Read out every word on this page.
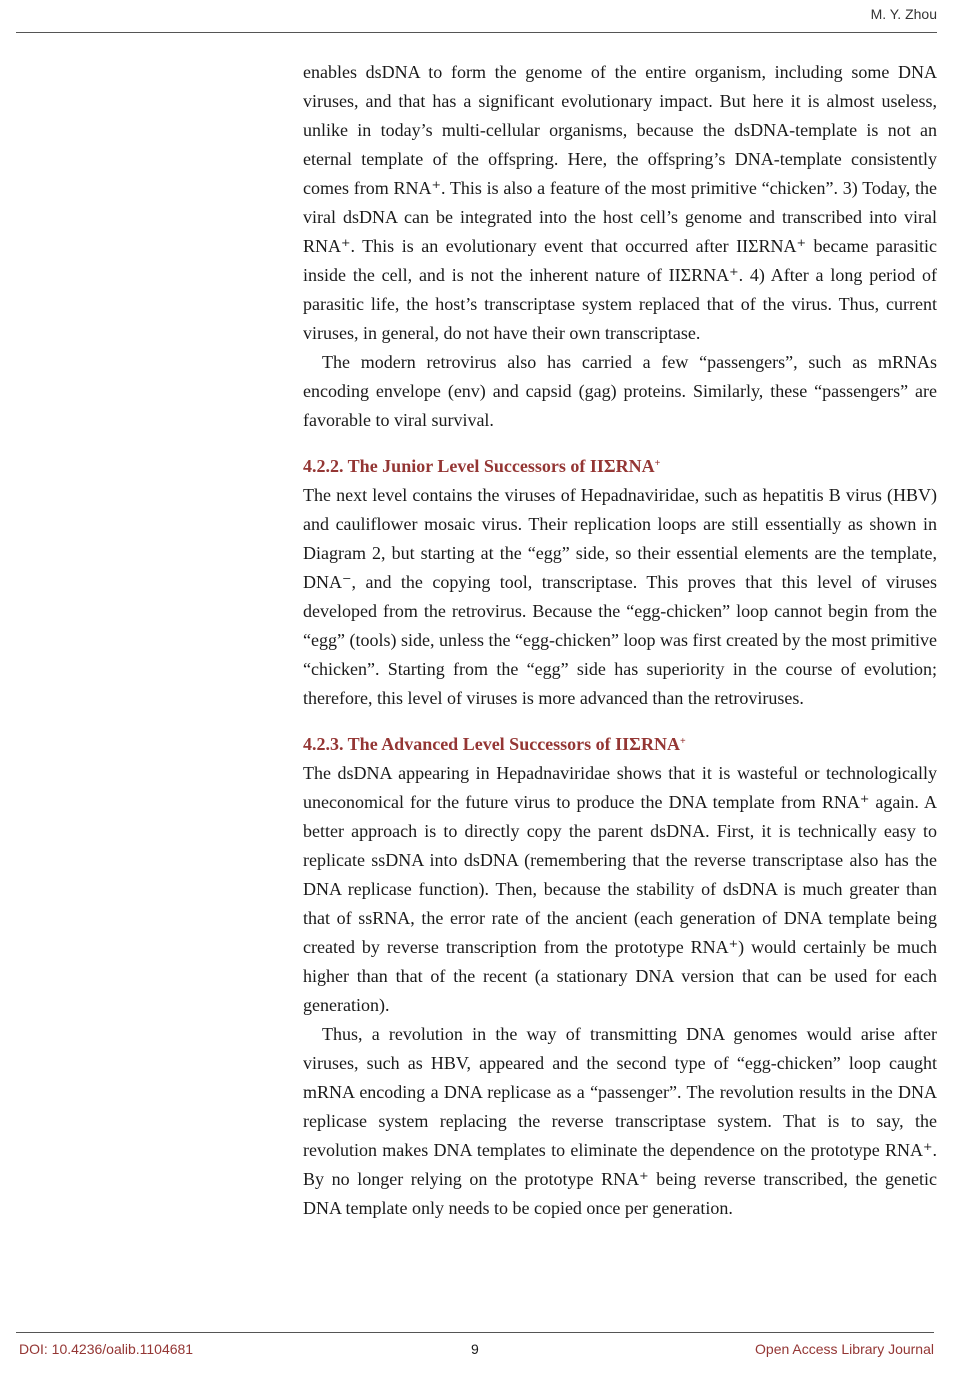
M. Y. Zhou

enables dsDNA to form the genome of the entire organism, including some DNA viruses, and that has a significant evolutionary impact. But here it is almost useless, unlike in today’s multi-cellular organisms, because the dsDNA-template is not an eternal template of the offspring. Here, the offspring’s DNA-template consistently comes from RNA⁺. This is also a feature of the most primitive “chicken”. 3) Today, the viral dsDNA can be integrated into the host cell’s genome and transcribed into viral RNA⁺. This is an evolutionary event that occurred after IIΣRNA⁺ became parasitic inside the cell, and is not the inherent nature of IIΣRNA⁺. 4) After a long period of parasitic life, the host’s transcriptase system replaced that of the virus. Thus, current viruses, in general, do not have their own transcriptase.

The modern retrovirus also has carried a few “passengers”, such as mRNAs encoding envelope (env) and capsid (gag) proteins. Similarly, these “passengers” are favorable to viral survival.

4.2.2. The Junior Level Successors of IIΣRNA+

The next level contains the viruses of Hepadnaviridae, such as hepatitis B virus (HBV) and cauliflower mosaic virus. Their replication loops are still essentially as shown in Diagram 2, but starting at the “egg” side, so their essential elements are the template, DNA⁻, and the copying tool, transcriptase. This proves that this level of viruses developed from the retrovirus. Because the “egg-chicken” loop cannot begin from the “egg” (tools) side, unless the “egg-chicken” loop was first created by the most primitive “chicken”. Starting from the “egg” side has superiority in the course of evolution; therefore, this level of viruses is more advanced than the retroviruses.

4.2.3. The Advanced Level Successors of IIΣRNA+

The dsDNA appearing in Hepadnaviridae shows that it is wasteful or technologically uneconomical for the future virus to produce the DNA template from RNA⁺ again. A better approach is to directly copy the parent dsDNA. First, it is technically easy to replicate ssDNA into dsDNA (remembering that the reverse transcriptase also has the DNA replicase function). Then, because the stability of dsDNA is much greater than that of ssRNA, the error rate of the ancient (each generation of DNA template being created by reverse transcription from the prototype RNA⁺) would certainly be much higher than that of the recent (a stationary DNA version that can be used for each generation).

Thus, a revolution in the way of transmitting DNA genomes would arise after viruses, such as HBV, appeared and the second type of “egg-chicken” loop caught mRNA encoding a DNA replicase as a “passenger”. The revolution results in the DNA replicase system replacing the reverse transcriptase system. That is to say, the revolution makes DNA templates to eliminate the dependence on the prototype RNA⁺. By no longer relying on the prototype RNA⁺ being reverse transcribed, the genetic DNA template only needs to be copied once per generation.

DOI: 10.4236/oalib.1104681	9	Open Access Library Journal
